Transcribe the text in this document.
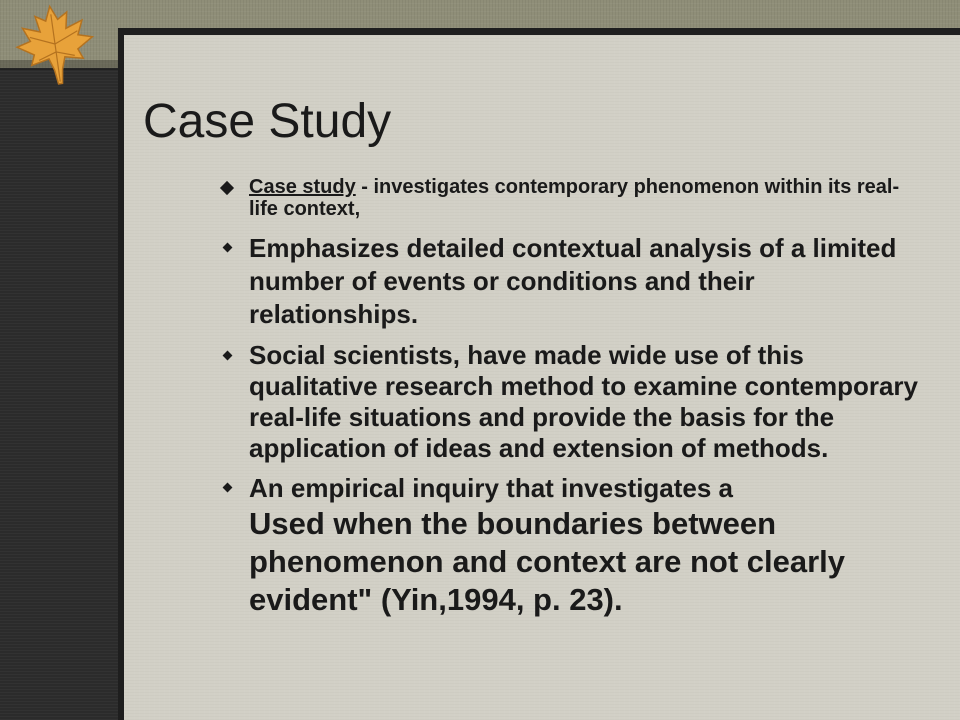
Case Study
Case study - investigates contemporary phenomenon within its real-life context,
Emphasizes detailed contextual analysis of a limited number of events or conditions and their relationships.
Social scientists, have made wide use of this qualitative research method to examine contemporary real-life situations and provide the basis for the application of ideas and extension of methods.
An empirical inquiry that investigates a
Used when the boundaries between phenomenon and context are not clearly evident" (Yin,1994, p. 23).
